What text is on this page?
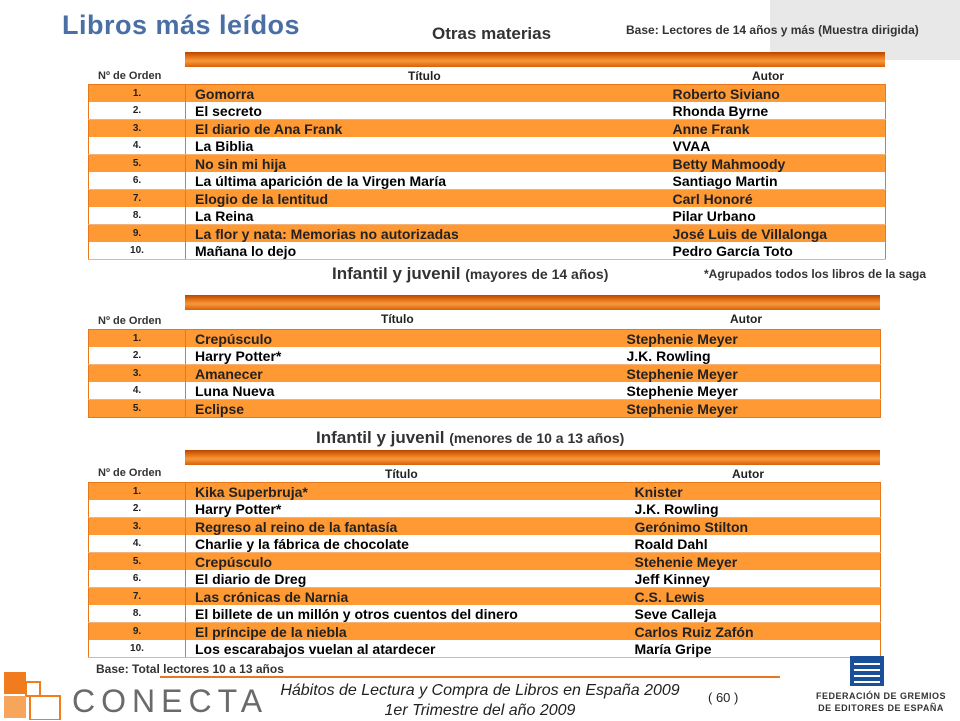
Libros más leídos	Base: Lectores de 14 años y más (Muestra dirigida)
Otras materias
Nº de Orden	Título	Autor
1.	Gomorra	Roberto Siviano
2.	El secreto	Rhonda Byrne
3.	El diario de Ana Frank	Anne Frank
4.	La Biblia	VVAA
5.	No sin mi hija	Betty Mahmoody
6.	La última aparición de la Virgen María	Santiago Martin
7.	Elogio de la lentitud	Carl Honoré
8.	La Reina	Pilar Urbano
9.	La flor y nata: Memorias no autorizadas	José Luis de Villalonga
10.	Mañana lo dejo	Pedro García Toto
Infantil y juvenil (mayores de 14 años)	*Agrupados todos los libros de la saga
Nº de Orden	Título	Autor
1.	Crepúsculo	Stephenie Meyer
2.	Harry Potter*	J.K. Rowling
3.	Amanecer	Stephenie Meyer
4.	Luna Nueva	Stephenie Meyer
5.	Eclipse	Stephenie Meyer
Infantil y juvenil (menores de 10 a 13 años)
Nº de Orden	Título	Autor
1.	Kika Superbruja*	Knister
2.	Harry Potter*	J.K. Rowling
3.	Regreso al reino de la fantasía	Gerónimo Stilton
4.	Charlie y la fábrica de chocolate	Roald Dahl
5.	Crepúsculo	Stehenie Meyer
6.	El diario de Dreg	Jeff Kinney
7.	Las crónicas de Narnia	C.S. Lewis
8.	El billete de un millón y otros cuentos del dinero	Seve Calleja
9.	El príncipe de la niebla	Carlos Ruiz Zafón
10.	Los escarabajos vuelan al atardecer	María Gripe
Base: Total lectores 10 a 13 años
Hábitos de Lectura y Compra de Libros en España 2009
1er Trimestre del año 2009
( 60 )
CONECTA	FEDERACIÓN DE GREMIOS
DE EDITORES DE ESPAÑA
